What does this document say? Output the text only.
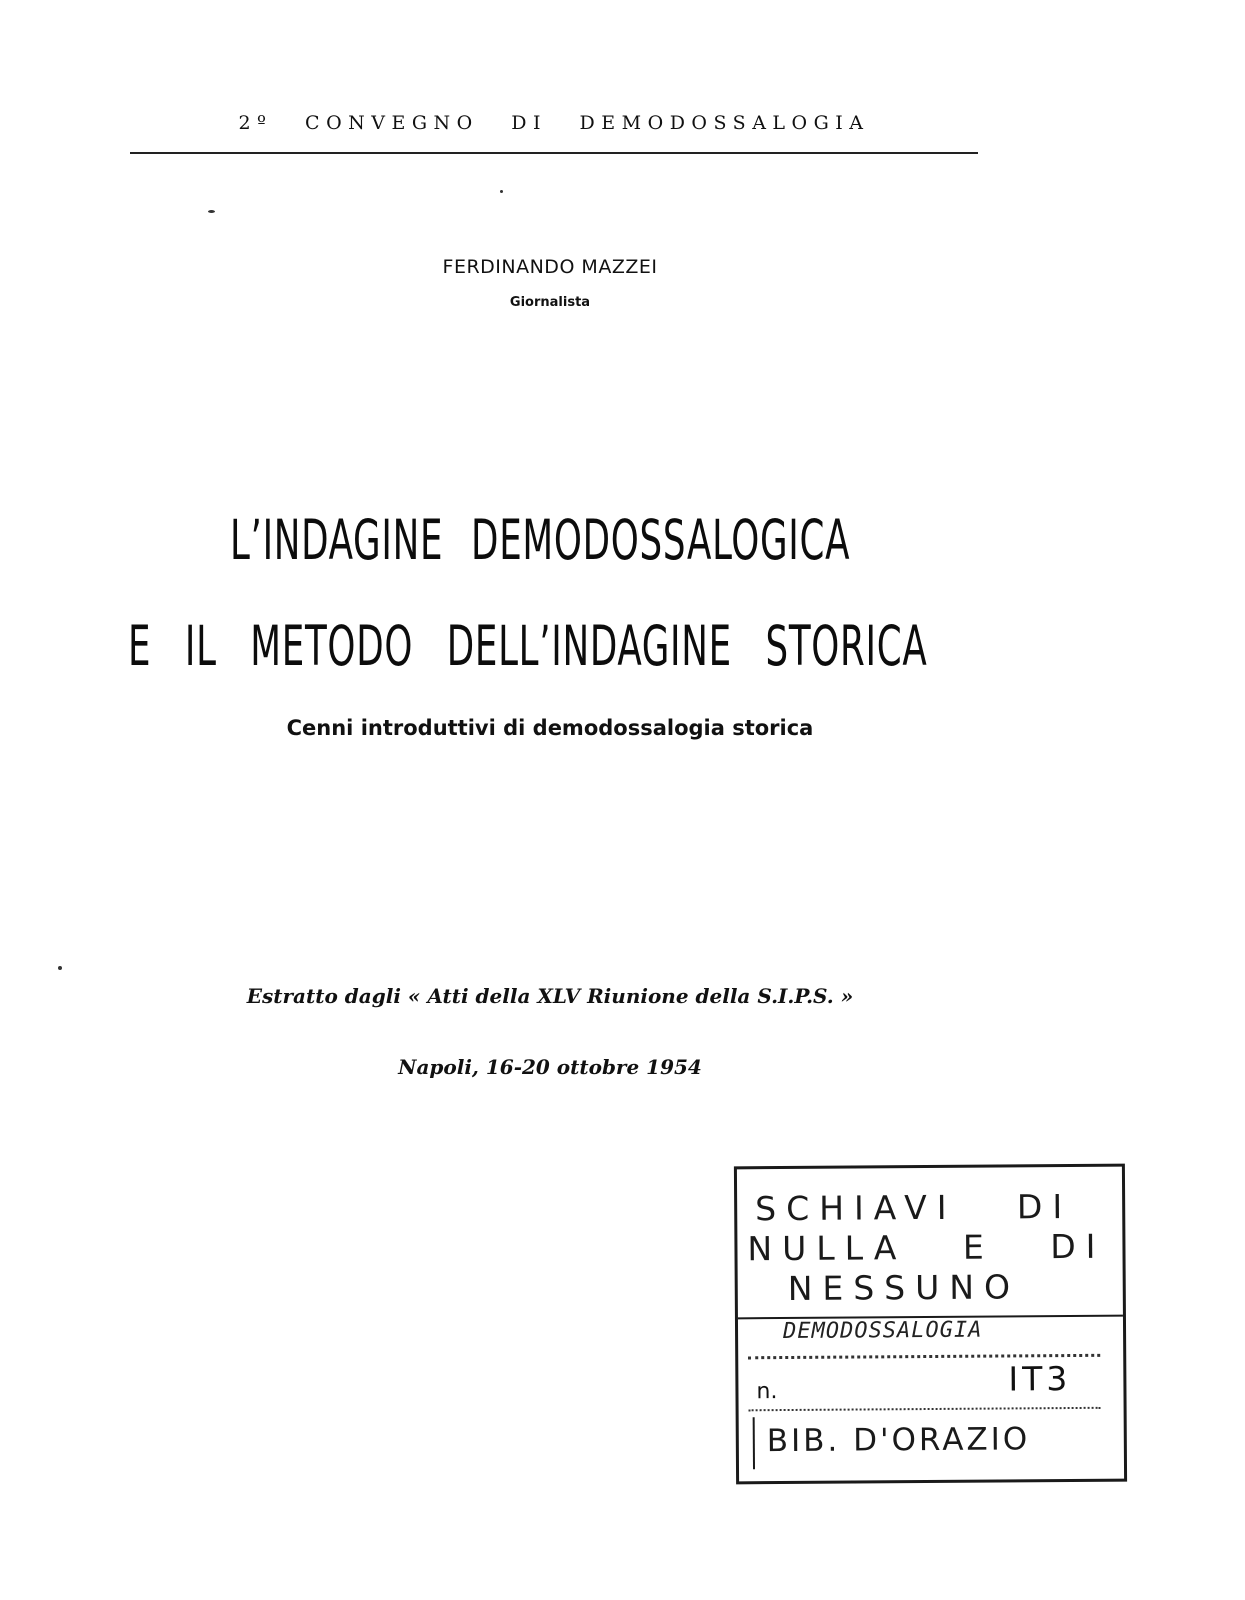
2º CONVEGNO DI DEMODOSSALOGIA
FERDINANDO MAZZEI
Giornalista
L’INDAGINE DEMODOSSALOGICA
E IL METODO DELL’INDAGINE STORICA
Cenni introduttivi di demodossalogia storica
Estratto dagli « Atti della XLV Riunione della S.I.P.S. »
Napoli, 16-20 ottobre 1954
SCHIAVI DI
NULLA E DI
NESSUNO
DEMODOSSALOGIA
n.	IT3
BIB. D'ORAZIO
